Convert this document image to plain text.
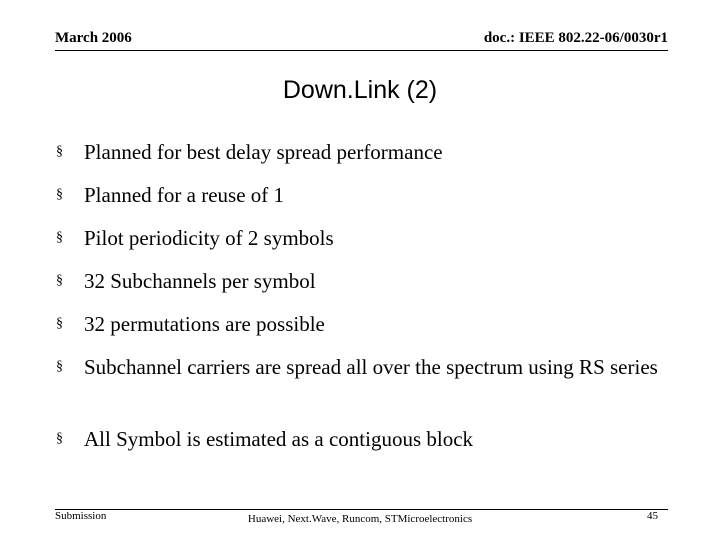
March 2006	doc.: IEEE 802.22-06/0030r1
Down.Link (2)
§	Planned for best delay spread performance
§	Planned for a reuse of 1
§	Pilot periodicity of 2 symbols
§	32 Subchannels per symbol
§	32 permutations are possible
§	Subchannel carriers are spread all over the spectrum using RS series
§	All Symbol is estimated as a contiguous block
Submission	Huawei, Next.Wave, Runcom, STMicroelectronics	45
